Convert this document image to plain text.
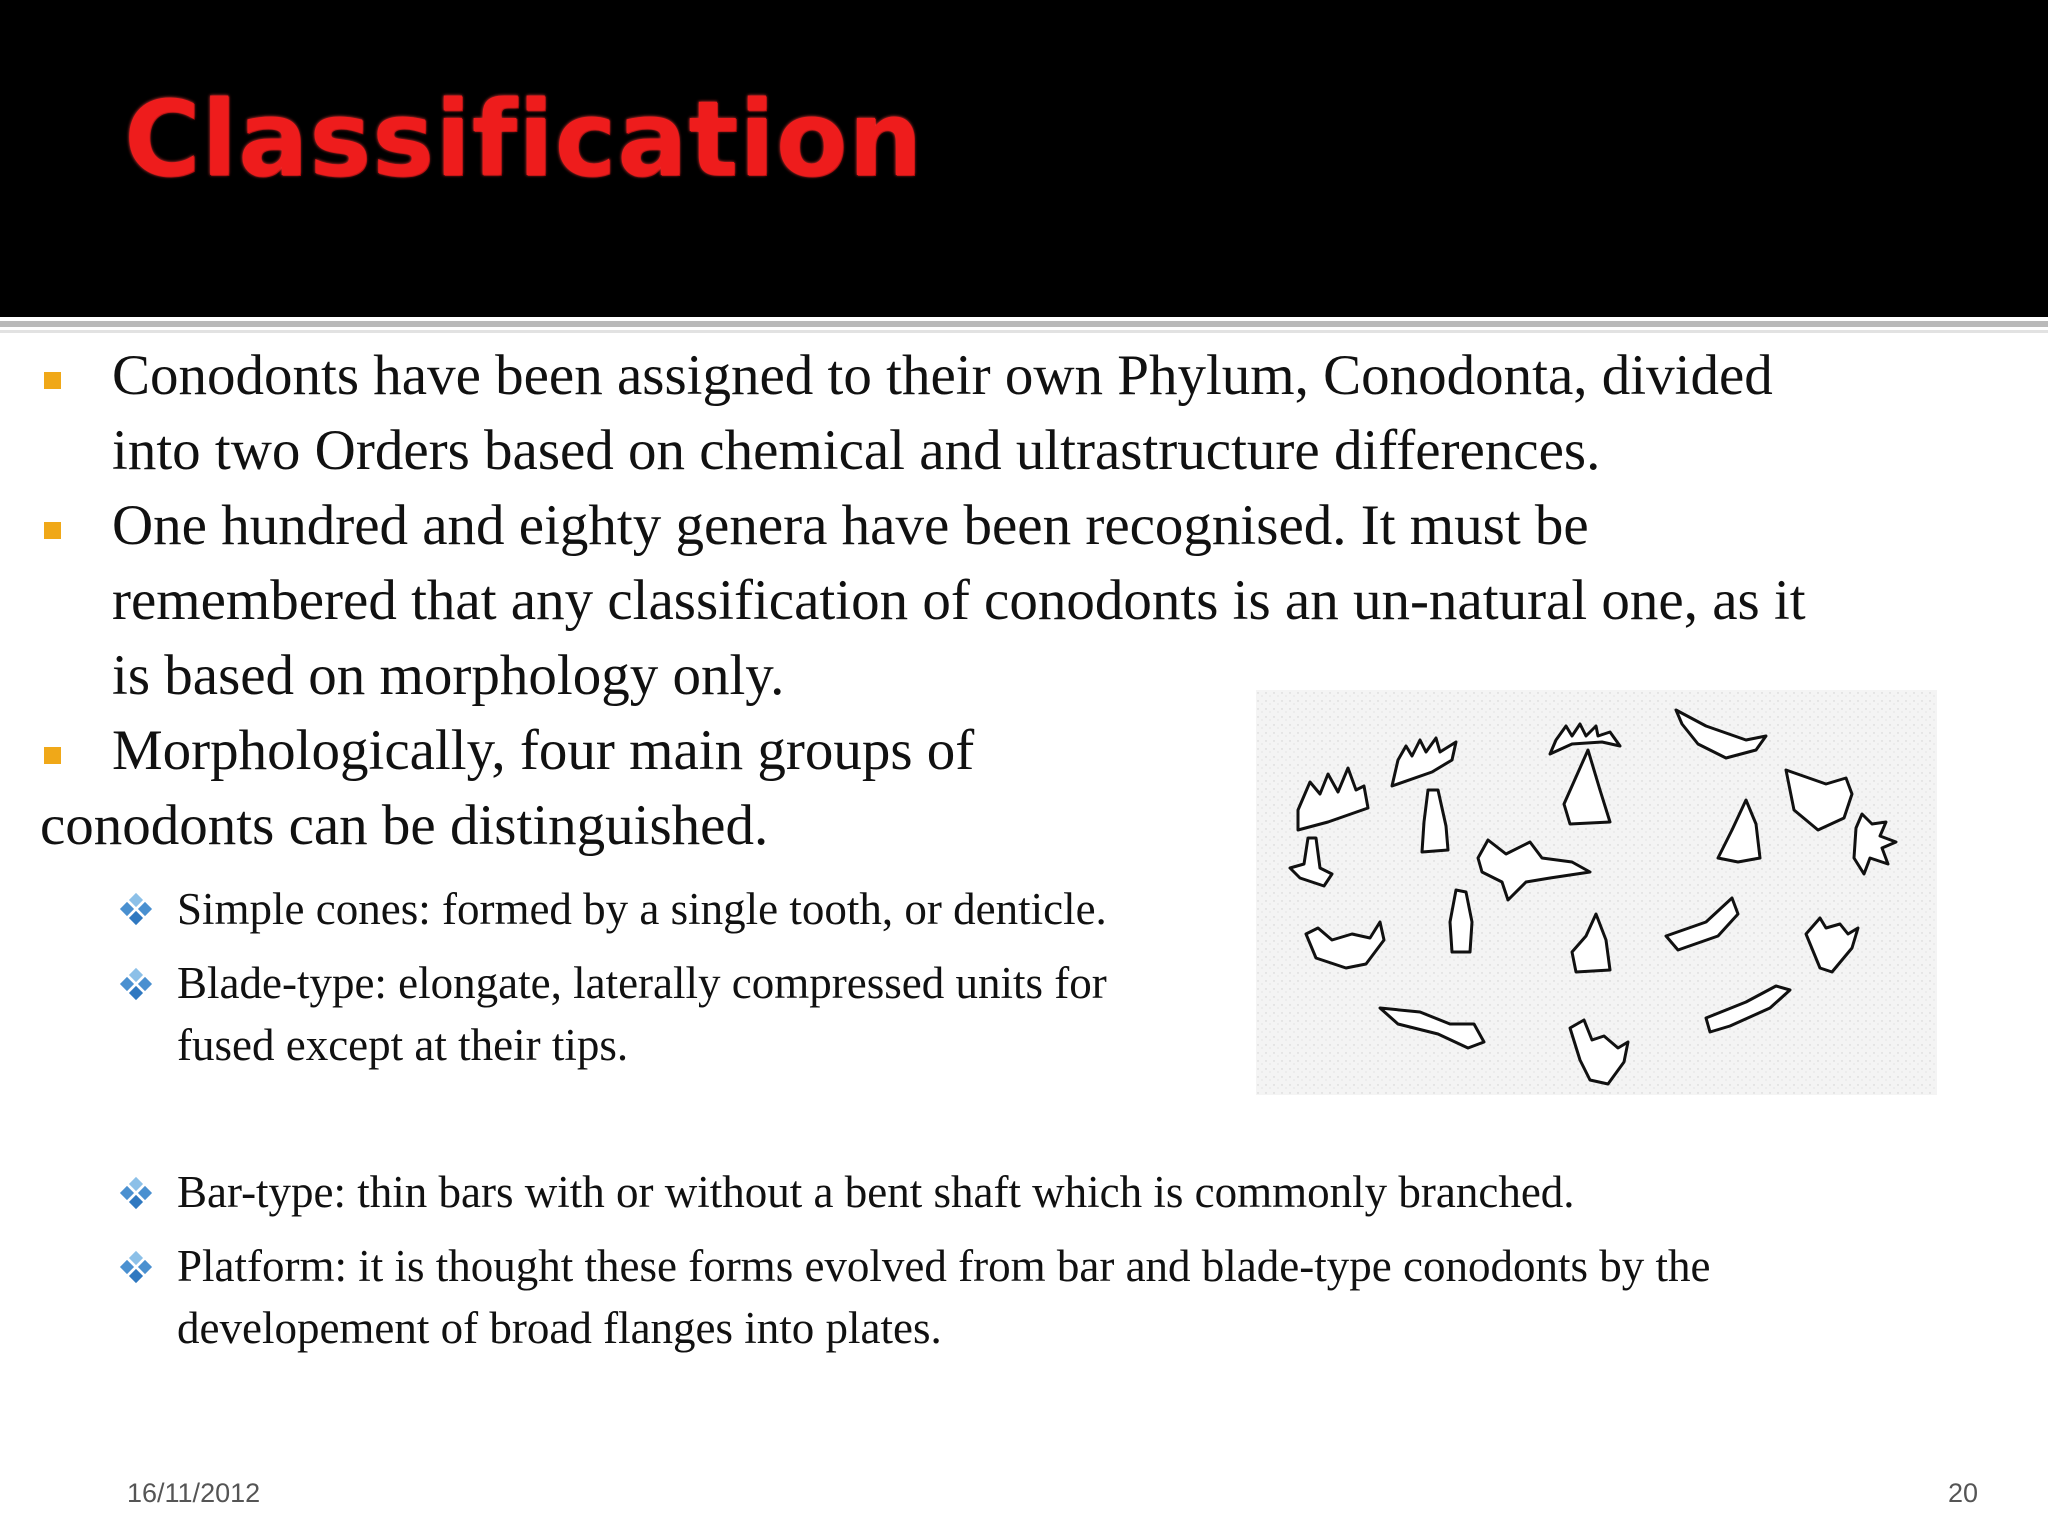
Classification
Conodonts have been assigned to their own Phylum, Conodonta, divided
into two Orders based on chemical and ultrastructure differences.
One hundred and eighty genera have been recognised. It must be
remembered that any classification of conodonts is an un-natural one, as it
is based on morphology only.
Morphologically, four main groups of
conodonts can be distinguished.
Simple cones: formed by a single tooth, or denticle.
Blade-type: elongate, laterally compressed units for
fused except at their tips.
Bar-type: thin bars with or without a bent shaft which is commonly branched.
Platform: it is thought these forms evolved from bar and blade-type conodonts by the
developement of broad flanges into plates.
16/11/2012	20
